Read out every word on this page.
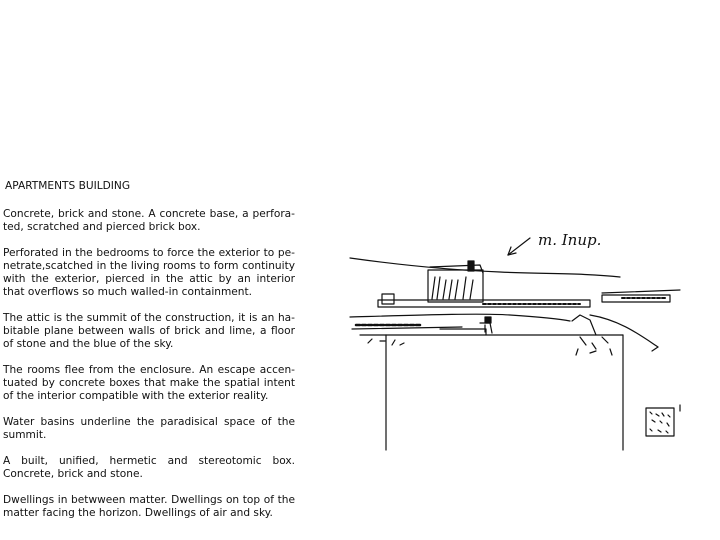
APARTMENTS BUILDING

Concrete, brick and stone. A concrete base, a perfora-ted, scratched and pierced brick box.

Perforated in the bedrooms to force the exterior to pe-netrate,scatched in the living rooms to form continuity with the exterior, pierced in the attic by an interior that overflows so much walled-in containment.

The attic is the summit of the construction, it is an ha-bitable plane between walls of brick and lime, a floor of stone and the blue of the sky.

The rooms flee from the enclosure. An escape accen-tuated by concrete boxes that make the spatial intent of the interior compatible with the exterior reality.

Water basins underline the paradisical space of the summit.

A built, unified, hermetic and stereotomic box. Concrete, brick and stone.

Dwellings in betwween matter. Dwellings on top of the matter facing the horizon. Dwellings of air and sky.

m. Inup.
